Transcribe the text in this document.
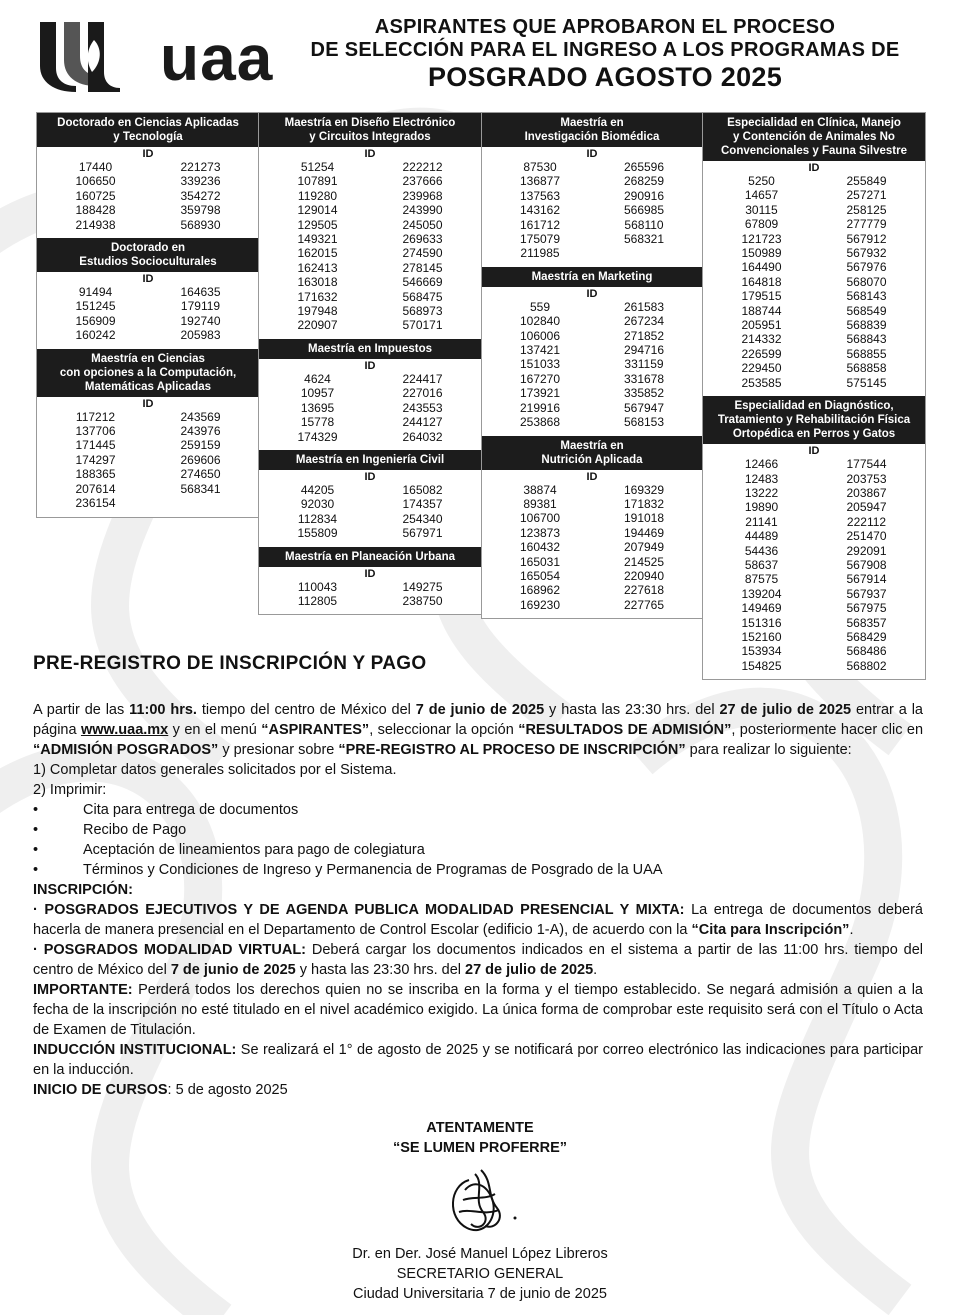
uaa	ASPIRANTES QUE APROBARON EL PROCESO
DE SELECCIÓN PARA EL INGRESO A LOS PROGRAMAS DE
POSGRADO AGOSTO 2025
Doctorado en Ciencias Aplicadas
y Tecnología
ID
17440	221273
106650	339236
160725	354272
188428	359798
214938	568930
Doctorado en
Estudios Socioculturales
ID
91494	164635
151245	179119
156909	192740
160242	205983
Maestría en Ciencias
con opciones a la Computación,
Matemáticas Aplicadas
ID
117212	243569
137706	243976
171445	259159
174297	269606
188365	274650
207614	568341
236154
Maestría en Diseño Electrónico
y Circuitos Integrados
ID
51254	222212
107891	237666
119280	239968
129014	243990
129505	245050
149321	269633
162015	274590
162413	278145
163018	546669
171632	568475
197948	568973
220907	570171
Maestría en Impuestos
ID
4624	224417
10957	227016
13695	243553
15778	244127
174329	264032
Maestría en Ingeniería Civil
ID
44205	165082
92030	174357
112834	254340
155809	567971
Maestría en Planeación Urbana
ID
110043	149275
112805	238750
Maestría en
Investigación Biomédica
ID
87530	265596
136877	268259
137563	290916
143162	566985
161712	568110
175079	568321
211985
Maestría en Marketing
ID
559	261583
102840	267234
106006	271852
137421	294716
151033	331159
167270	331678
173921	335852
219916	567947
253868	568153
Maestría en
Nutrición Aplicada
ID
38874	169329
89381	171832
106700	191018
123873	194469
160432	207949
165031	214525
165054	220940
168962	227618
169230	227765
Especialidad en Clínica, Manejo
y Contención de Animales No
Convencionales y Fauna Silvestre
ID
5250	255849
14657	257271
30115	258125
67809	277779
121723	567912
150989	567932
164490	567976
164818	568070
179515	568143
188744	568549
205951	568839
214332	568843
226599	568855
229450	568858
253585	575145
Especialidad en Diagnóstico,
Tratamiento y Rehabilitación Física
Ortopédica en Perros y Gatos
ID
12466	177544
12483	203753
13222	203867
19890	205947
21141	222112
44489	251470
54436	292091
58637	567908
87575	567914
139204	567937
149469	567975
151316	568357
152160	568429
153934	568486
154825	568802
PRE-REGISTRO DE INSCRIPCIÓN Y PAGO

A partir de las 11:00 hrs. tiempo del centro de México del 7 de junio de 2025 y hasta las 23:30 hrs. del 27 de julio de 2025 entrar a la página www.uaa.mx y en el menú “ASPIRANTES”, seleccionar la opción “RESULTADOS DE ADMISIÓN”, posteriormente hacer clic en “ADMISIÓN POSGRADOS” y presionar sobre “PRE-REGISTRO AL PROCESO DE INSCRIPCIÓN” para realizar lo siguiente:

1) Completar datos generales solicitados por el Sistema.

2) Imprimir:

•	Cita para entrega de documentos
•	Recibo de Pago
•	Aceptación de lineamientos para pago de colegiatura
•	Términos y Condiciones de Ingreso y Permanencia de Programas de Posgrado de la UAA

INSCRIPCIÓN:

· POSGRADOS EJECUTIVOS Y DE AGENDA PUBLICA MODALIDAD PRESENCIAL Y MIXTA: La entrega de documentos deberá hacerla de manera presencial en el Departamento de Control Escolar (edificio 1-A), de acuerdo con la “Cita para Inscripción”.

· POSGRADOS MODALIDAD VIRTUAL: Deberá cargar los documentos indicados en el sistema a partir de las 11:00 hrs. tiempo del centro de México del 7 de junio de 2025 y hasta las 23:30 hrs. del 27 de julio de 2025.

IMPORTANTE: Perderá todos los derechos quien no se inscriba en la forma y el tiempo establecido. Se negará admisión a quien a la fecha de la inscripción no esté titulado en el nivel académico exigido. La única forma de comprobar este requisito será con el Título o Acta de Examen de Titulación.

INDUCCIÓN INSTITUCIONAL: Se realizará el 1° de agosto de 2025 y se notificará por correo electrónico las indicaciones para participar en la inducción.

INICIO DE CURSOS: 5 de agosto 2025

ATENTAMENTE
“SE LUMEN PROFERRE”
Dr. en Der. José Manuel López Libreros
SECRETARIO GENERAL
Ciudad Universitaria 7 de junio de 2025
